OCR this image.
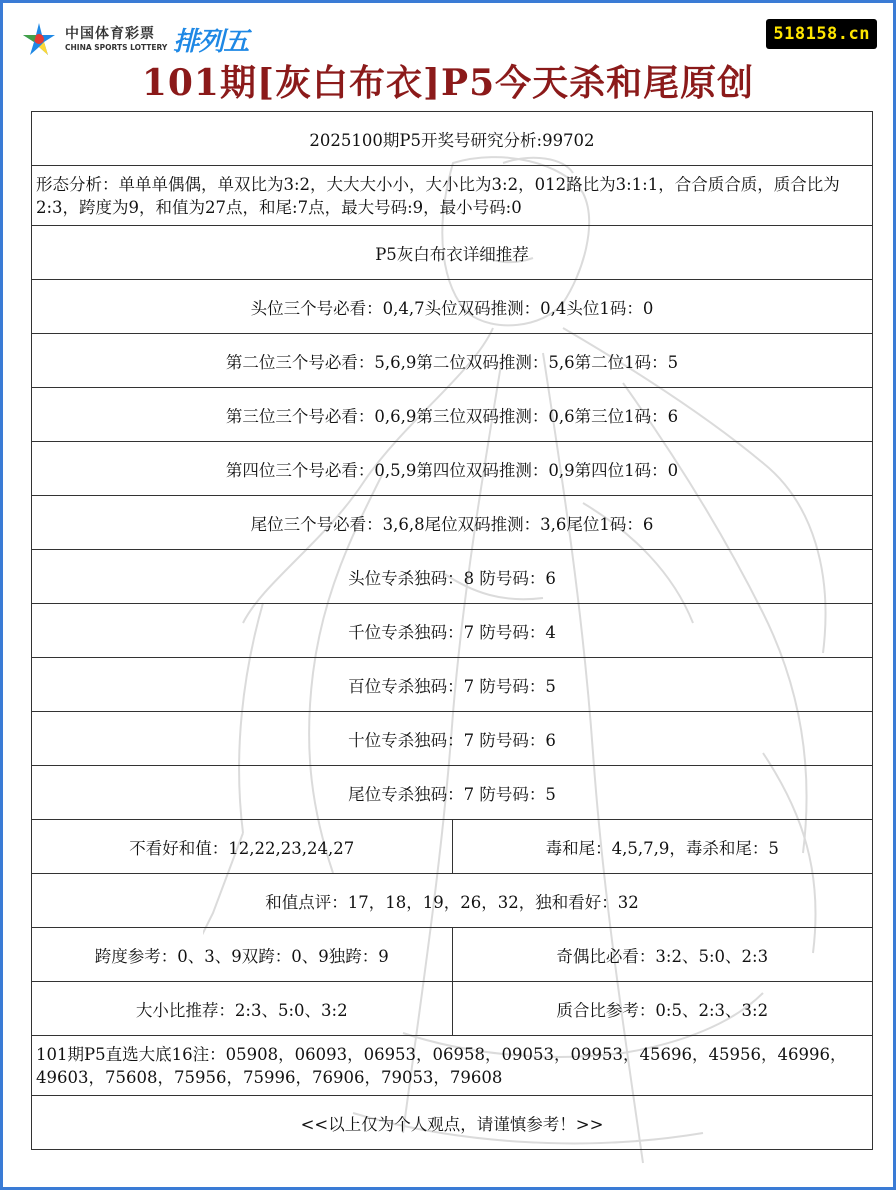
中国体育彩票
CHINA SPORTS LOTTERY 排列五	518158.cn
101期[灰白布衣]P5今天杀和尾原创
2025100期P5开奖号研究分析:99702	
形态分析：单单单偶偶，单双比为3:2，大大大小小，大小比为3:2，012路比为3:1:1，合合质合质，质合比为2:3，跨度为9，和值为27点，和尾:7点，最大号码:9，最小号码:0	
P5灰白布衣详细推荐	
头位三个号必看：0,4,7头位双码推测：0,4头位1码：0	
第二位三个号必看：5,6,9第二位双码推测：5,6第二位1码：5	
第三位三个号必看：0,6,9第三位双码推测：0,6第三位1码：6	
第四位三个号必看：0,5,9第四位双码推测：0,9第四位1码：0	
尾位三个号必看：3,6,8尾位双码推测：3,6尾位1码：6	
头位专杀独码：8 防号码：6	
千位专杀独码：7 防号码：4	
百位专杀独码：7 防号码：5	
十位专杀独码：7 防号码：6	
尾位专杀独码：7 防号码：5	
不看好和值：12,22,23,24,27	毒和尾：4,5,7,9，毒杀和尾：5
和值点评：17，18，19，26，32，独和看好：32	
跨度参考：0、3、9双跨：0、9独跨：9	奇偶比必看：3:2、5:0、2:3
大小比推荐：2:3、5:0、3:2	质合比参考：0:5、2:3、3:2
101期P5直选大底16注：05908，06093，06953，06958，09053，09953，45696，45956，46996，49603，75608，75956，75996，76906，79053，79608	
<<以上仅为个人观点，请谨慎参考！>>	
